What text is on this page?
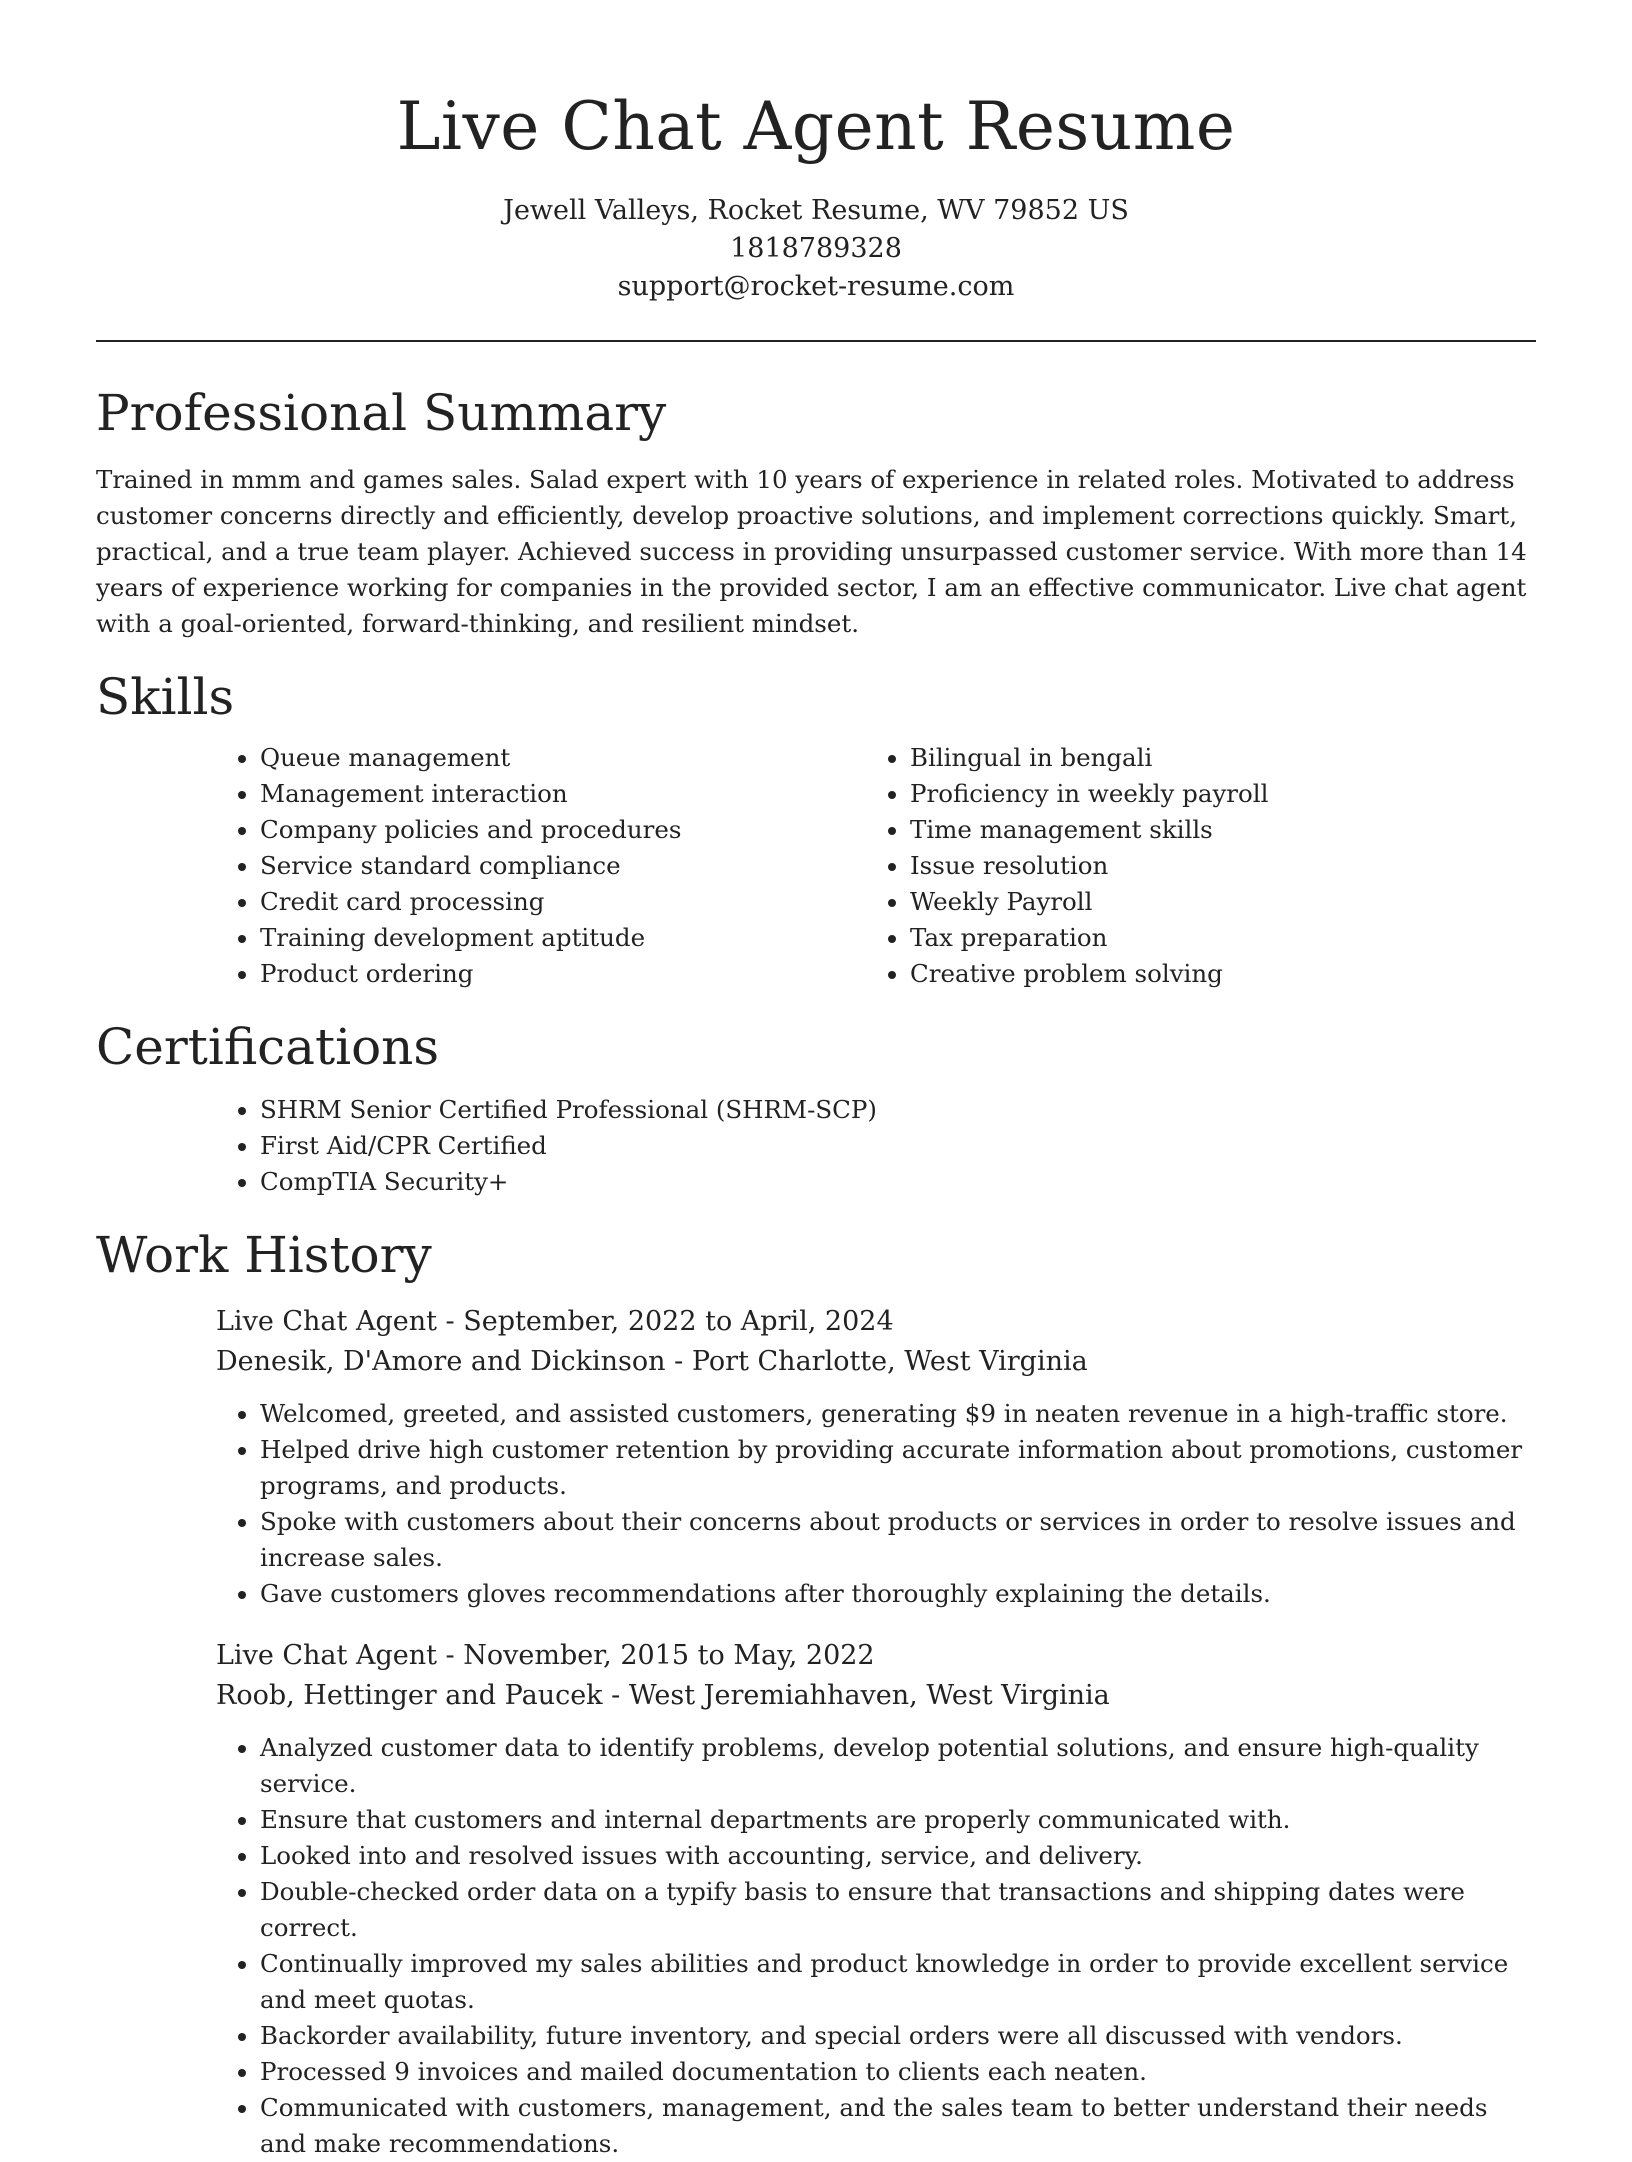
Live Chat Agent Resume
Jewell Valleys, Rocket Resume, WV 79852 US
1818789328
support@rocket-resume.com
Professional Summary

Trained in mmm and games sales. Salad expert with 10 years of experience in related roles. Motivated to address customer concerns directly and efficiently, develop proactive solutions, and implement corrections quickly. Smart, practical, and a true team player. Achieved success in providing unsurpassed customer service. With more than 14 years of experience working for companies in the provided sector, I am an effective communicator. Live chat agent with a goal-oriented, forward-thinking, and resilient mindset.

Skills
• Queue management
• Management interaction
• Company policies and procedures
• Service standard compliance
• Credit card processing
• Training development aptitude
• Product ordering
• Bilingual in bengali
• Proficiency in weekly payroll
• Time management skills
• Issue resolution
• Weekly Payroll
• Tax preparation
• Creative problem solving
Certifications
• SHRM Senior Certified Professional (SHRM-SCP)
• First Aid/CPR Certified
• CompTIA Security+
Work History

Live Chat Agent - September, 2022 to April, 2024

Denesik, D'Amore and Dickinson - Port Charlotte, West Virginia

• Welcomed, greeted, and assisted customers, generating $9 in neaten revenue in a high-traffic store.
• Helped drive high customer retention by providing accurate information about promotions, customer programs, and products.
• Spoke with customers about their concerns about products or services in order to resolve issues and increase sales.
• Gave customers gloves recommendations after thoroughly explaining the details.

Live Chat Agent - November, 2015 to May, 2022

Roob, Hettinger and Paucek - West Jeremiahhaven, West Virginia

• Analyzed customer data to identify problems, develop potential solutions, and ensure high-quality service.
• Ensure that customers and internal departments are properly communicated with.
• Looked into and resolved issues with accounting, service, and delivery.
• Double-checked order data on a typify basis to ensure that transactions and shipping dates were correct.
• Continually improved my sales abilities and product knowledge in order to provide excellent service and meet quotas.
• Backorder availability, future inventory, and special orders were all discussed with vendors.
• Processed 9 invoices and mailed documentation to clients each neaten.
• Communicated with customers, management, and the sales team to better understand their needs and make recommendations.
